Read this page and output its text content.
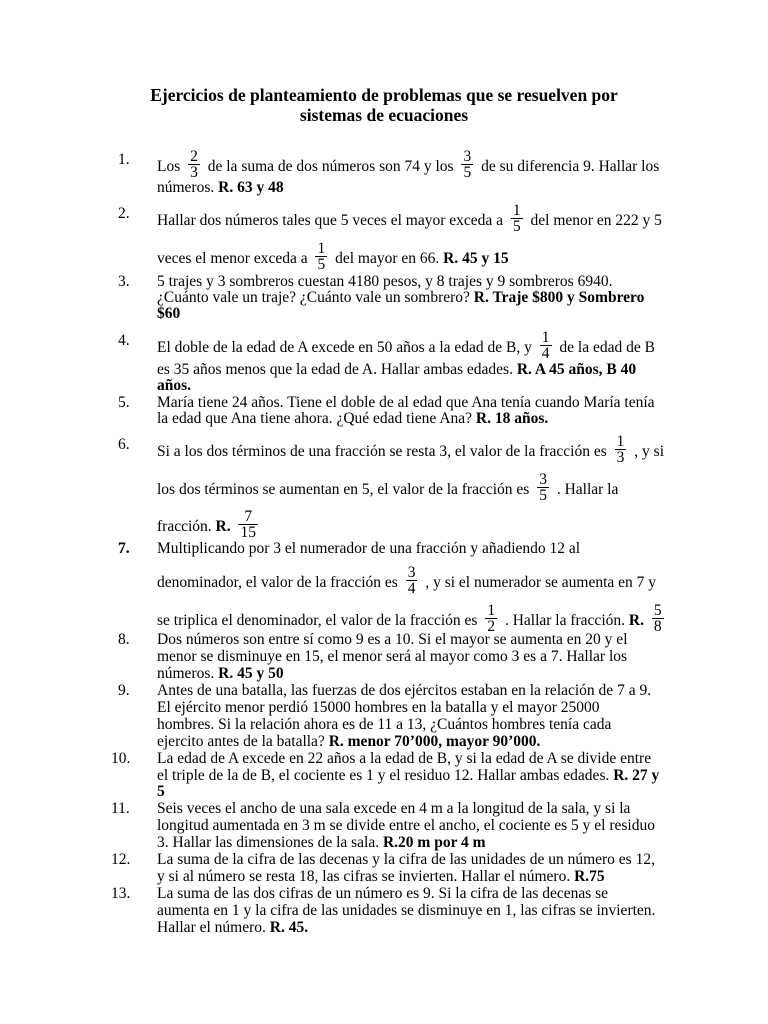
Ejercicios de planteamiento de problemas que se resuelven por
sistemas de ecuaciones
1. Los $\frac{2}{3}$ de la suma de dos números son 74 y los $\frac{3}{5}$ de su diferencia 9. Hallar los
números. R. 63 y 48
2. Hallar dos números tales que 5 veces el mayor exceda a $\frac{1}{5}$ del menor en 222 y 5
veces el menor exceda a $\frac{1}{5}$ del mayor en 66. R. 45 y 15
3. 5 trajes y 3 sombreros cuestan 4180 pesos, y 8 trajes y 9 sombreros 6940.
¿Cuánto vale un traje? ¿Cuánto vale un sombrero? R. Traje $800 y Sombrero
$60
4. El doble de la edad de A excede en 50 años a la edad de B, y $\frac{1}{4}$ de la edad de B
es 35 años menos que la edad de A. Hallar ambas edades. R. A 45 años, B 40
años.
5. María tiene 24 años. Tiene el doble de al edad que Ana tenía cuando María tenía
la edad que Ana tiene ahora. ¿Qué edad tiene Ana? R. 18 años.
6. Si a los dos términos de una fracción se resta 3, el valor de la fracción es $\frac{1}{3}$ , y si
los dos términos se aumentan en 5, el valor de la fracción es $\frac{3}{5}$ . Hallar la
fracción. R. $\frac{7}{15}$
7. Multiplicando por 3 el numerador de una fracción y añadiendo 12 al
denominador, el valor de la fracción es $\frac{3}{4}$ , y si el numerador se aumenta en 7 y
se triplica el denominador, el valor de la fracción es $\frac{1}{2}$ . Hallar la fracción. R. $\frac{5}{8}$
8. Dos números son entre sí como 9 es a 10. Si el mayor se aumenta en 20 y el
menor se disminuye en 15, el menor será al mayor como 3 es a 7. Hallar los
números. R. 45 y 50
9. Antes de una batalla, las fuerzas de dos ejércitos estaban en la relación de 7 a 9.
El ejército menor perdió 15000 hombres en la batalla y el mayor 25000
hombres. Si la relación ahora es de 11 a 13, ¿Cuántos hombres tenía cada
ejercito antes de la batalla? R. menor 70’000, mayor 90’000.
10. La edad de A excede en 22 años a la edad de B, y si la edad de A se divide entre
el triple de la de B, el cociente es 1 y el residuo 12. Hallar ambas edades. R. 27 y
5
11. Seis veces el ancho de una sala excede en 4 m a la longitud de la sala, y si la
longitud aumentada en 3 m se divide entre el ancho, el cociente es 5 y el residuo
3. Hallar las dimensiones de la sala. R.20 m por 4 m
12. La suma de la cifra de las decenas y la cifra de las unidades de un número es 12,
y si al número se resta 18, las cifras se invierten. Hallar el número. R.75
13. La suma de las dos cifras de un número es 9. Si la cifra de las decenas se
aumenta en 1 y la cifra de las unidades se disminuye en 1, las cifras se invierten.
Hallar el número. R. 45.
